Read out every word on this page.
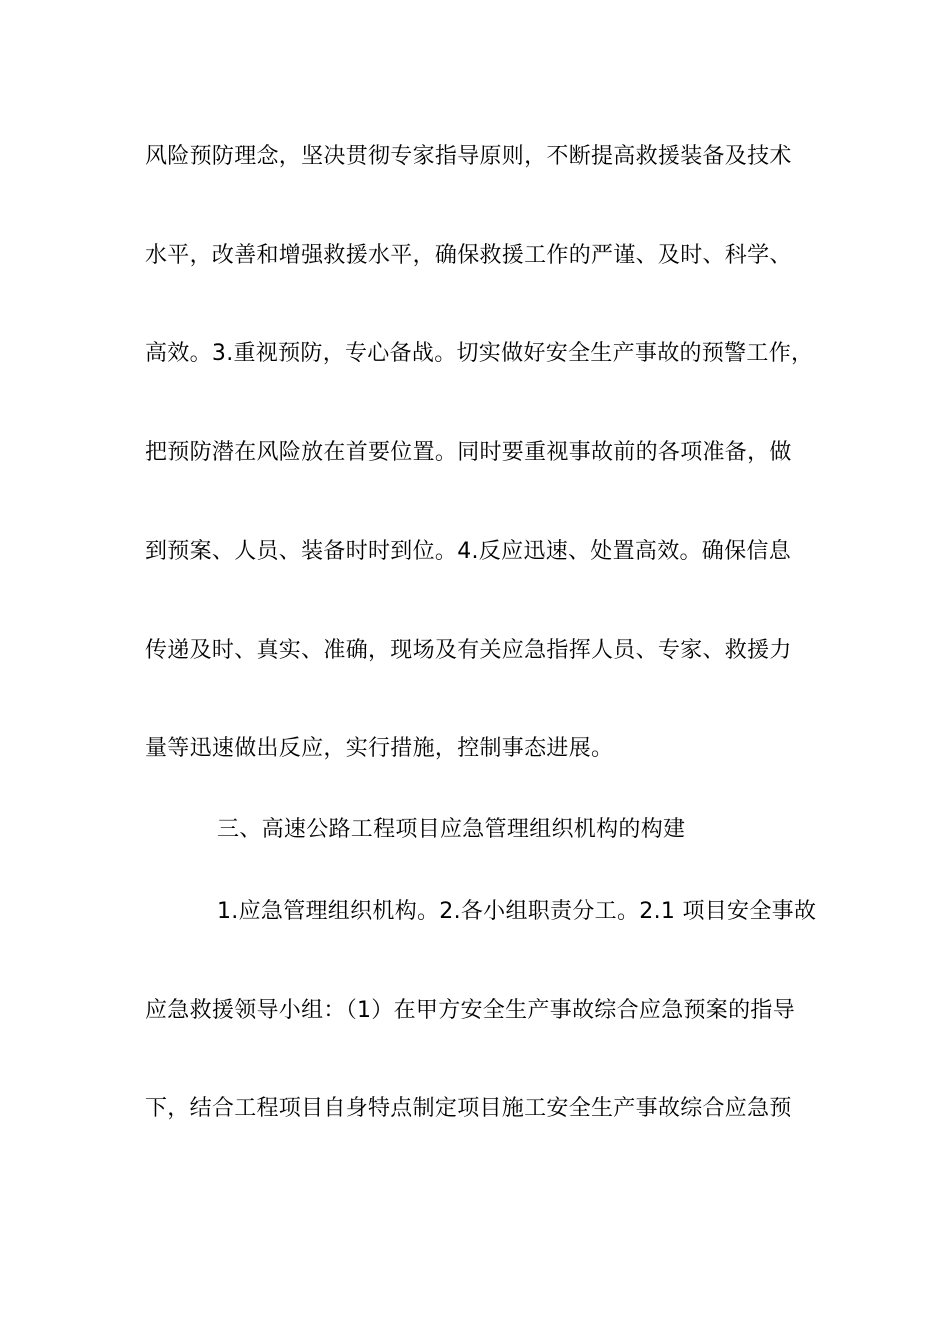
风险预防理念，坚决贯彻专家指导原则，不断提高救援装备及技术
水平，改善和增强救援水平，确保救援工作的严谨、及时、科学、
高效。3.重视预防，专心备战。切实做好安全生产事故的预警工作，
把预防潜在风险放在首要位置。同时要重视事故前的各项准备，做
到预案、人员、装备时时到位。4.反应迅速、处置高效。确保信息
传递及时、真实、准确，现场及有关应急指挥人员、专家、救援力
量等迅速做出反应，实行措施，控制事态进展。
三、高速公路工程项目应急管理组织机构的构建
1.应急管理组织机构。2.各小组职责分工。2.1 项目安全事故
应急救援领导小组：（1）在甲方安全生产事故综合应急预案的指导
下，结合工程项目自身特点制定项目施工安全生产事故综合应急预
